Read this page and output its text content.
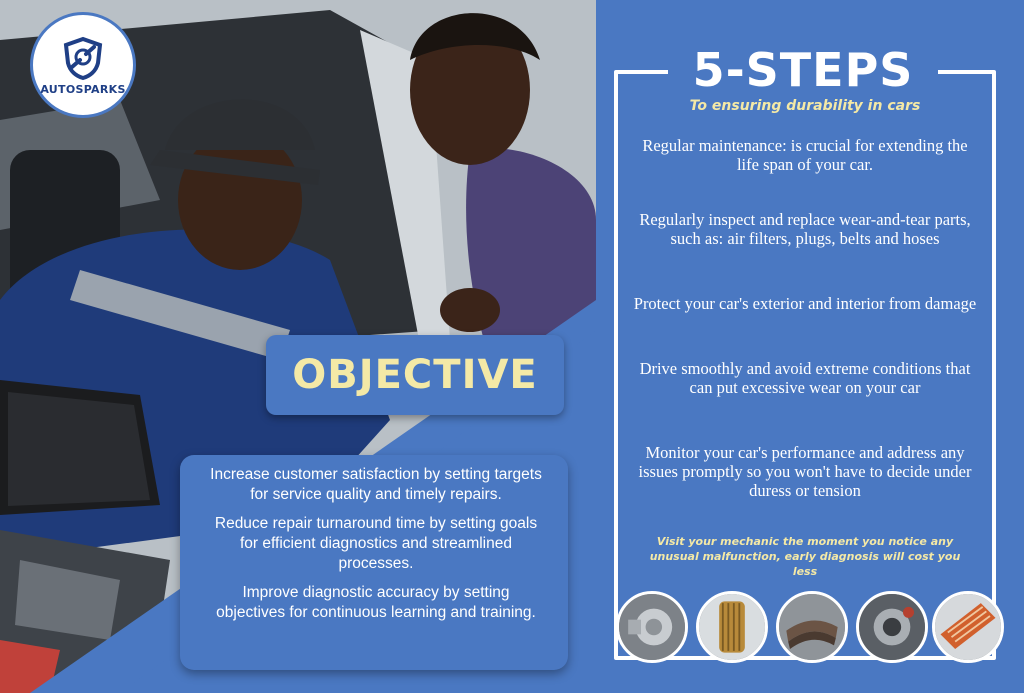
AUTOSPARKS
OBJECTIVE

Increase customer satisfaction by setting targets for service quality and timely repairs.

Reduce repair turnaround time by setting goals for efficient diagnostics and streamlined processes.

Improve diagnostic accuracy by setting objectives for continuous learning and training.

5-STEPS
To ensuring durability in cars
Regular maintenance: is crucial for extending the life span of your car.
Regularly inspect and replace wear-and-tear parts, such as: air filters, plugs, belts and hoses
Protect your car's exterior and interior from damage
Drive smoothly and avoid extreme conditions that can put excessive wear on your car
Monitor your car's performance and address any issues promptly so you won't have to decide under duress or tension
Visit your mechanic the moment you notice any unusual malfunction, early diagnosis will cost you less
